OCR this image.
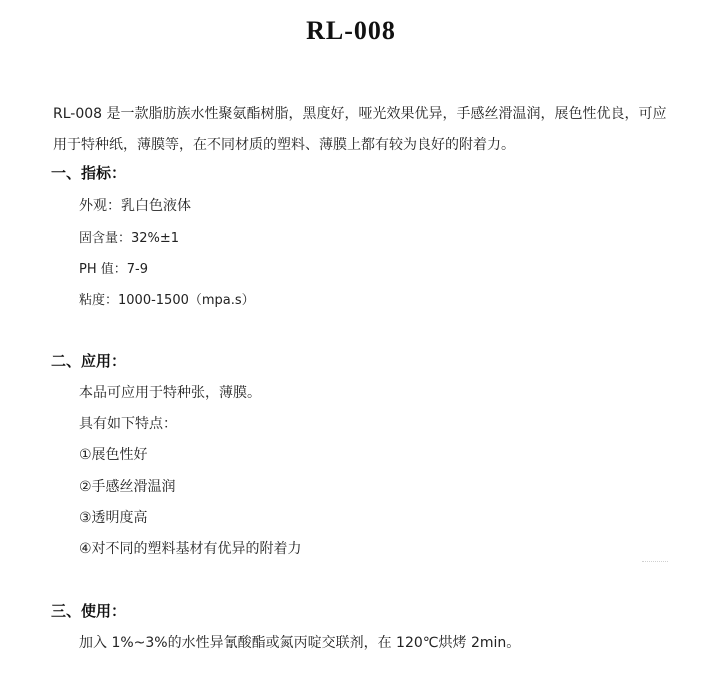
RL-008

RL-008 是一款脂肪族水性聚氨酯树脂，黑度好，哑光效果优异，手感丝滑温润，展色性优良，可应

用于特种纸，薄膜等，在不同材质的塑料、薄膜上都有较为良好的附着力。

一、指标：
外观：乳白色液体
固含量：32%±1
PH 值：7-9
粘度：1000-1500（mpa.s）
二、应用：
本品可应用于特种张，薄膜。
具有如下特点：
①展色性好
②手感丝滑温润
③透明度高
④对不同的塑料基材有优异的附着力
三、使用：
加入 1%~3%的水性异氰酸酯或氮丙啶交联剂，在 120℃烘烤 2min。
